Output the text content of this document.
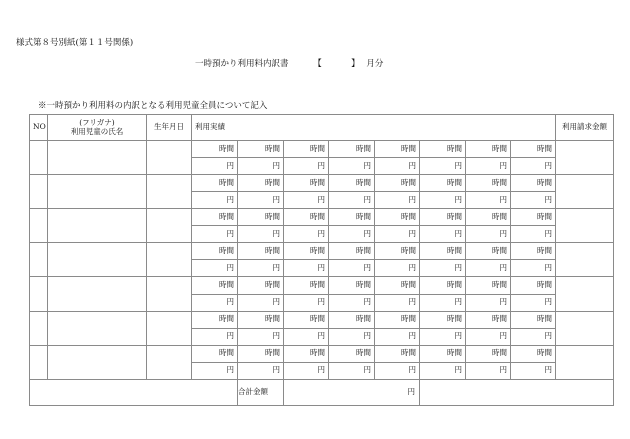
様式第８号別紙(第１１号関係)
一時預かり利用料内訳書	【	】 月分
※一時預かり利用料の内訳となる利用児童全員について記入
NO	(フリガナ)
利用児童の氏名	生年月日	利用実績								利用請求金額
			時間	時間	時間	時間	時間	時間	時間	時間	
			円	円	円	円	円	円	円	円	
			時間	時間	時間	時間	時間	時間	時間	時間	
			円	円	円	円	円	円	円	円	
			時間	時間	時間	時間	時間	時間	時間	時間	
			円	円	円	円	円	円	円	円	
			時間	時間	時間	時間	時間	時間	時間	時間	
			円	円	円	円	円	円	円	円	
			時間	時間	時間	時間	時間	時間	時間	時間	
			円	円	円	円	円	円	円	円	
			時間	時間	時間	時間	時間	時間	時間	時間	
			円	円	円	円	円	円	円	円	
			時間	時間	時間	時間	時間	時間	時間	時間	
			円	円	円	円	円	円	円	円	
				合計金額	円						
